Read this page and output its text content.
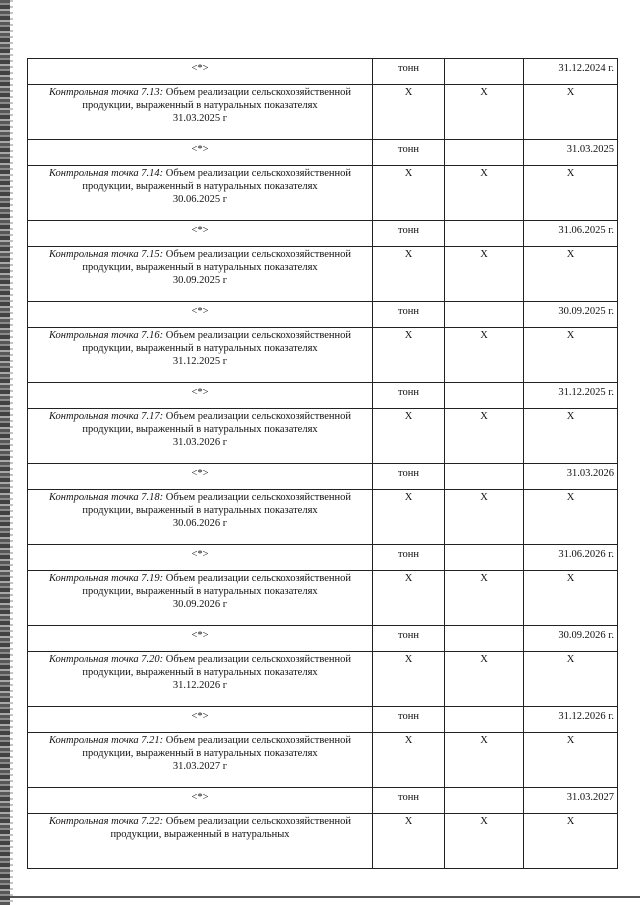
<*>	тонн		31.12.2024 г.
Контрольная точка 7.13: Объем реализации сельскохозяйственной продукции, выраженный в натуральных показателях
31.03.2025 г	X	X	X
<*>	тонн		31.03.2025
Контрольная точка 7.14: Объем реализации сельскохозяйственной продукции, выраженный в натуральных показателях
30.06.2025 г	X	X	X
<*>	тонн		31.06.2025 г.
Контрольная точка 7.15: Объем реализации сельскохозяйственной продукции, выраженный в натуральных показателях
30.09.2025 г	X	X	X
<*>	тонн		30.09.2025 г.
Контрольная точка 7.16: Объем реализации сельскохозяйственной продукции, выраженный в натуральных показателях
31.12.2025 г	X	X	X
<*>	тонн		31.12.2025 г.
Контрольная точка 7.17: Объем реализации сельскохозяйственной продукции, выраженный в натуральных показателях
31.03.2026 г	X	X	X
<*>	тонн		31.03.2026
Контрольная точка 7.18: Объем реализации сельскохозяйственной продукции, выраженный в натуральных показателях
30.06.2026 г	X	X	X
<*>	тонн		31.06.2026 г.
Контрольная точка 7.19: Объем реализации сельскохозяйственной продукции, выраженный в натуральных показателях
30.09.2026 г	X	X	X
<*>	тонн		30.09.2026 г.
Контрольная точка 7.20: Объем реализации сельскохозяйственной продукции, выраженный в натуральных показателях
31.12.2026 г	X	X	X
<*>	тонн		31.12.2026 г.
Контрольная точка 7.21: Объем реализации сельскохозяйственной продукции, выраженный в натуральных показателях
31.03.2027 г	X	X	X
<*>	тонн		31.03.2027
Контрольная точка 7.22: Объем реализации сельскохозяйственной продукции, выраженный в натуральных	X	X	X
